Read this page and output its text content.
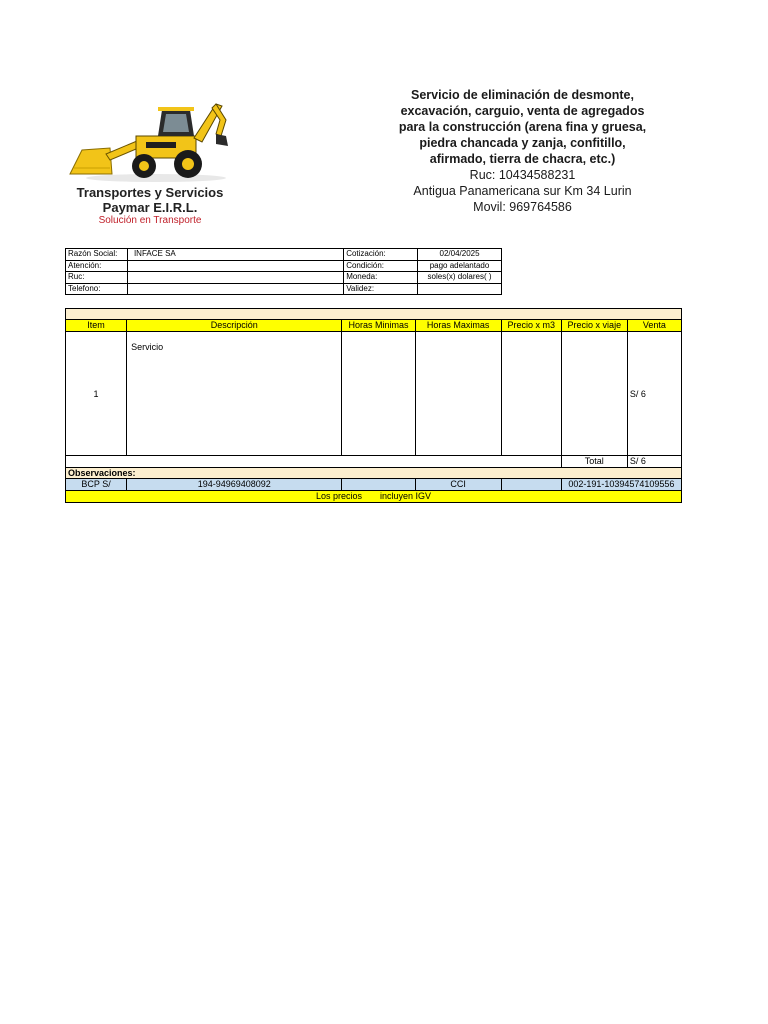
Transportes y Servicios
Paymar E.I.R.L.
Solución en Transporte
Servicio de eliminación de desmonte,
excavación, carguio, venta de agregados
para la construcción (arena fina y gruesa,
piedra chancada y zanja, confitillo,
afirmado, tierra de chacra, etc.)
Ruc: 10434588231
Antigua Panamericana sur Km 34 Lurin
Movil: 969764586
Razón Social:	INFACE SA	Cotización:	02/04/2025
Atención:		Condición:	pago adelantado
Ruc:		Moneda:	soles(x) dolares( )
Telefono:		Validez:	

Item	Descripción	Horas Minimas	Horas Maximas	Precio x m3	Precio x viaje	Venta
1	Servicio					S/ 6
					Total	S/ 6
Observaciones:						
BCP S/	194-94969408092		CCI		002-191-10394574109556	
Los precios incluyen IGV						
